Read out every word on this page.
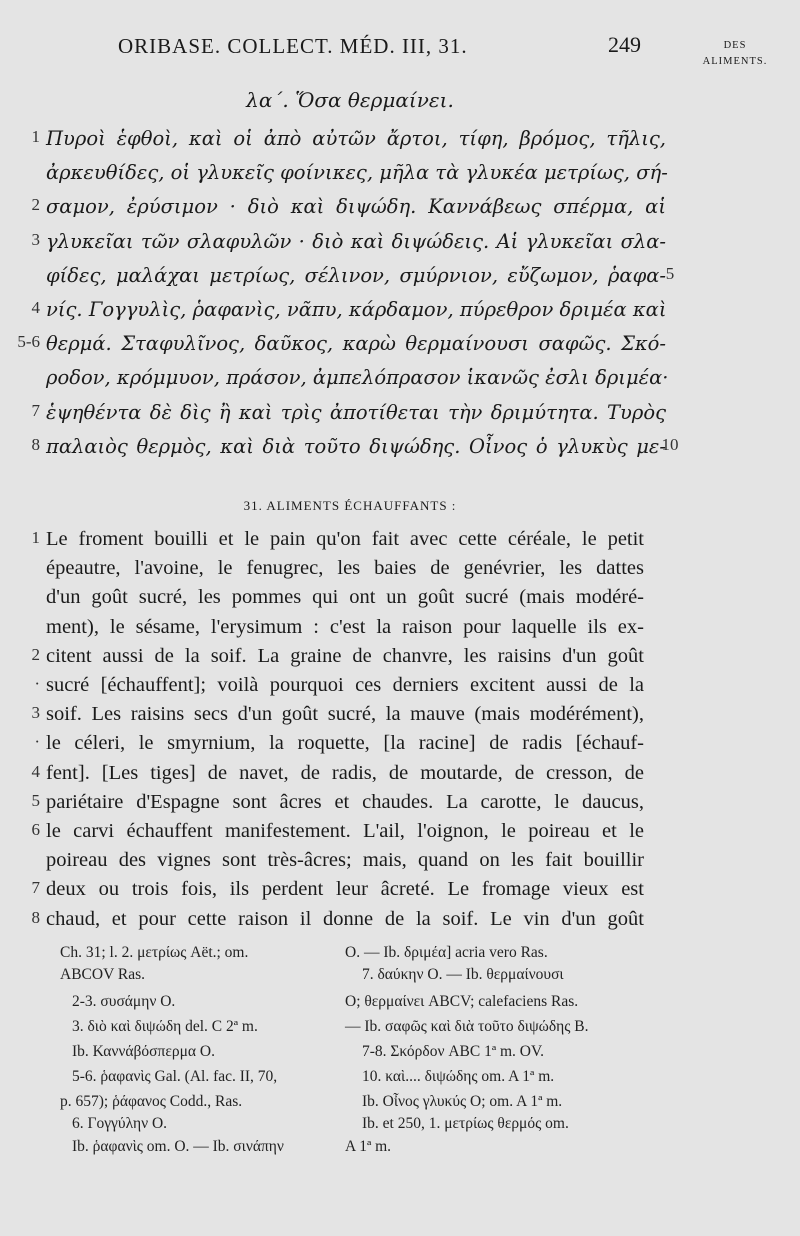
ORIBASE. COLLECT. MÉD. III, 31.	249	DES ALIMENTS.
λα΄. Ὅσα θερμαίνει.
1 Πυροὶ ἑφθοὶ, καὶ οἱ ἀπὸ αὐτῶν ἄρτοι, τίφη, βρόμος, τῆλις,
ἀρκευθίδες, οἱ γλυκεῖς φοίνικες, μῆλα τὰ γλυκέα μετρίως, σή-
2 σαμον, ἐρύσιμον · διὸ καὶ διψώδη. Καννάβεως σπέρμα, αἱ
3 γλυκεῖαι τῶν σλαφυλῶν · διὸ καὶ διψώδεις. Αἱ γλυκεῖαι σλα-
φίδες, μαλάχαι μετρίως, σέλινον, σμύρνιον, εὔζωμον, ῥαφα- 5
4 νίς. Γογγυλὶς, ῥαφανὶς, νᾶπυ, κάρδαμον, πύρεθρον δριμέα καὶ
5-6 θερμά. Σταφυλῖνος, δαῦκος, καρὼ θερμαίνουσι σαφῶς. Σκό-
ροδον, κρόμμυον, πράσον, ἀμπελόπρασον ἱκανῶς ἐσλι δριμέα·
7 ἑψηθέντα δὲ δὶς ἢ καὶ τρὶς ἀποτίθεται τὴν δριμύτητα. Τυρὸς
8 παλαιὸς θερμὸς, καὶ διὰ τοῦτο διψώδης. Οἶνος ὁ γλυκὺς με-
10
31. ALIMENTS ÉCHAUFFANTS :
1 Le froment bouilli et le pain qu'on fait avec cette céréale, le petit
épeautre, l'avoine, le fenugrec, les baies de genévrier, les dattes
d'un goût sucré, les pommes qui ont un goût sucré (mais modéré-
ment), le sésame, l'erysimum : c'est la raison pour laquelle ils ex-
2 citent aussi de la soif. La graine de chanvre, les raisins d'un goût
· sucré [échauffent]; voilà pourquoi ces derniers excitent aussi de la
3 soif. Les raisins secs d'un goût sucré, la mauve (mais modérément),
· le céleri, le smyrnium, la roquette, [la racine] de radis [échauf-
4 fent]. [Les tiges] de navet, de radis, de moutarde, de cresson, de
5 pariétaire d'Espagne sont âcres et chaudes. La carotte, le daucus,
6 le carvi échauffent manifestement. L'ail, l'oignon, le poireau et le
poireau des vignes sont très-âcres; mais, quand on les fait bouillir
7 deux ou trois fois, ils perdent leur âcreté. Le fromage vieux est
8 chaud, et pour cette raison il donne de la soif. Le vin d'un goût
Ch. 31; l. 2. μετρίως Aët.; om.
ABCOV Ras.
2-3. συσάμην O.
3. διὸ καὶ διψώδη del. C 2ª m.
Ib. Καννάβόσπερμα O.
5-6. ῥαφανὶς Gal. (Al. fac. II, 70,
p. 657); ῥάφανος Codd., Ras.
6. Γογγύλην O.
Ib. ῥαφανὶς om. O. — Ib. σινάπην
O. — Ib. δριμέα] acria vero Ras.
7. δαύκην O. — Ib. θερμαίνουσι
O; θερμαίνει ABCV; calefaciens Ras.
— Ib. σαφῶς καὶ διὰ τοῦτο διψώδης B.
7-8. Σκόρδον ABC 1ª m. OV.
10. καὶ.... διψώδης om. A 1ª m.
Ib. Οἶνος γλυκύς O; om. A 1ª m.
Ib. et 250, 1. μετρίως θερμός om.
A 1ª m.
